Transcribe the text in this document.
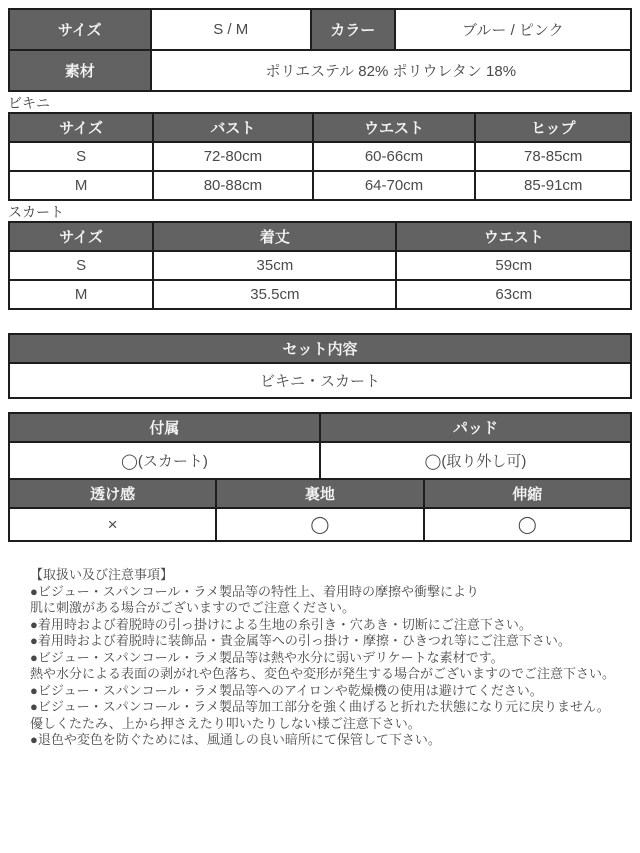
サイズ	S / M	カラー	ブルー / ピンク
素材	ポリエステル 82% ポリウレタン 18%		
ビキニ
サイズ	バスト	ウエスト	ヒップ
S	72-80cm	60-66cm	78-85cm
M	80-88cm	64-70cm	85-91cm
スカート
サイズ	着丈	ウエスト
S	35cm	59cm
M	35.5cm	63cm
セット内容
ビキニ・スカート
付属		パッド	
◯(スカート)		◯(取り外し可)	
透け感	裏地		伸縮
×	◯		◯
【取扱い及び注意事項】
●ビジュー・スパンコール・ラメ製品等の特性上、着用時の摩擦や衝撃により
肌に刺激がある場合がございますのでご注意ください。
●着用時および着脱時の引っ掛けによる生地の糸引き・穴あき・切断にご注意下さい。
●着用時および着脱時に装飾品・貴金属等への引っ掛け・摩擦・ひきつれ等にご注意下さい。
●ビジュー・スパンコール・ラメ製品等は熱や水分に弱いデリケートな素材です。
熱や水分による表面の剥がれや色落ち、変色や変形が発生する場合がございますのでご注意下さい。
●ビジュー・スパンコール・ラメ製品等へのアイロンや乾燥機の使用は避けてください。
●ビジュー・スパンコール・ラメ製品等加工部分を強く曲げると折れた状態になり元に戻りません。
優しくたたみ、上から押さえたり叩いたりしない様ご注意下さい。
●退色や変色を防ぐためには、風通しの良い暗所にて保管して下さい。
